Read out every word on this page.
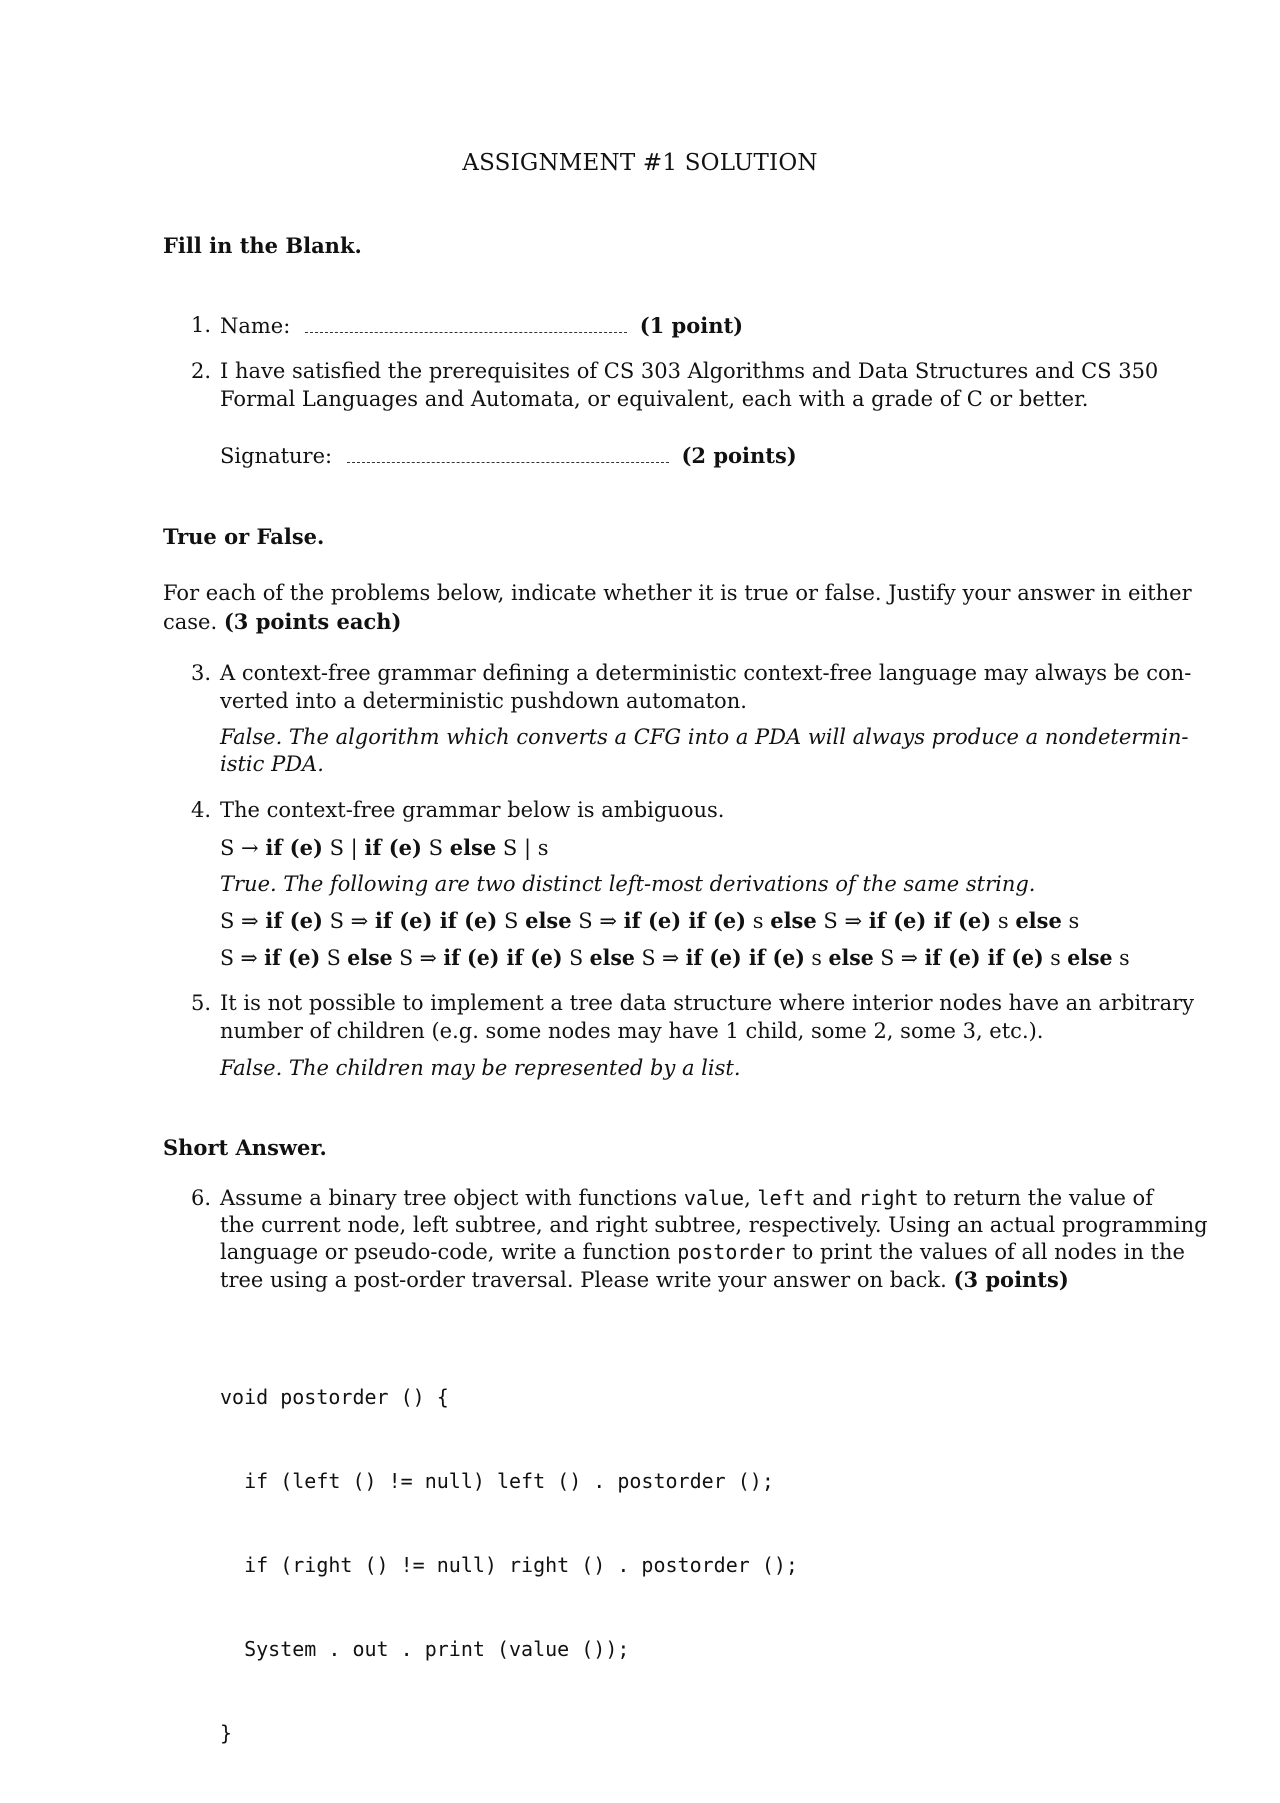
ASSIGNMENT #1 SOLUTION
Fill in the Blank.
1. Name:	(1 point)
2. I have satisfied the prerequisites of CS 303 Algorithms and Data Structures and CS 350
Formal Languages and Automata, or equivalent, each with a grade of C or better.
Signature:	(2 points)
True or False.
For each of the problems below, indicate whether it is true or false. Justify your answer in either
case. (3 points each)
3. A context-free grammar defining a deterministic context-free language may always be con-
verted into a deterministic pushdown automaton.
False. The algorithm which converts a CFG into a PDA will always produce a nondetermin-
istic PDA.
4. The context-free grammar below is ambiguous.
S → if (e) S | if (e) S else S | s
True. The following are two distinct left-most derivations of the same string.
S ⇒ if (e) S ⇒ if (e) if (e) S else S ⇒ if (e) if (e) s else S ⇒ if (e) if (e) s else s
S ⇒ if (e) S else S ⇒ if (e) if (e) S else S ⇒ if (e) if (e) s else S ⇒ if (e) if (e) s else s
5. It is not possible to implement a tree data structure where interior nodes have an arbitrary
number of children (e.g. some nodes may have 1 child, some 2, some 3, etc.).
False. The children may be represented by a list.
Short Answer.
6. Assume a binary tree object with functions value, left and right to return the value of
the current node, left subtree, and right subtree, respectively. Using an actual programming
language or pseudo-code, write a function postorder to print the values of all nodes in the
tree using a post-order traversal. Please write your answer on back. (3 points)

void postorder () {

if (left () != null) left () . postorder ();

if (right () != null) right () . postorder ();

System . out . print (value ());

}
